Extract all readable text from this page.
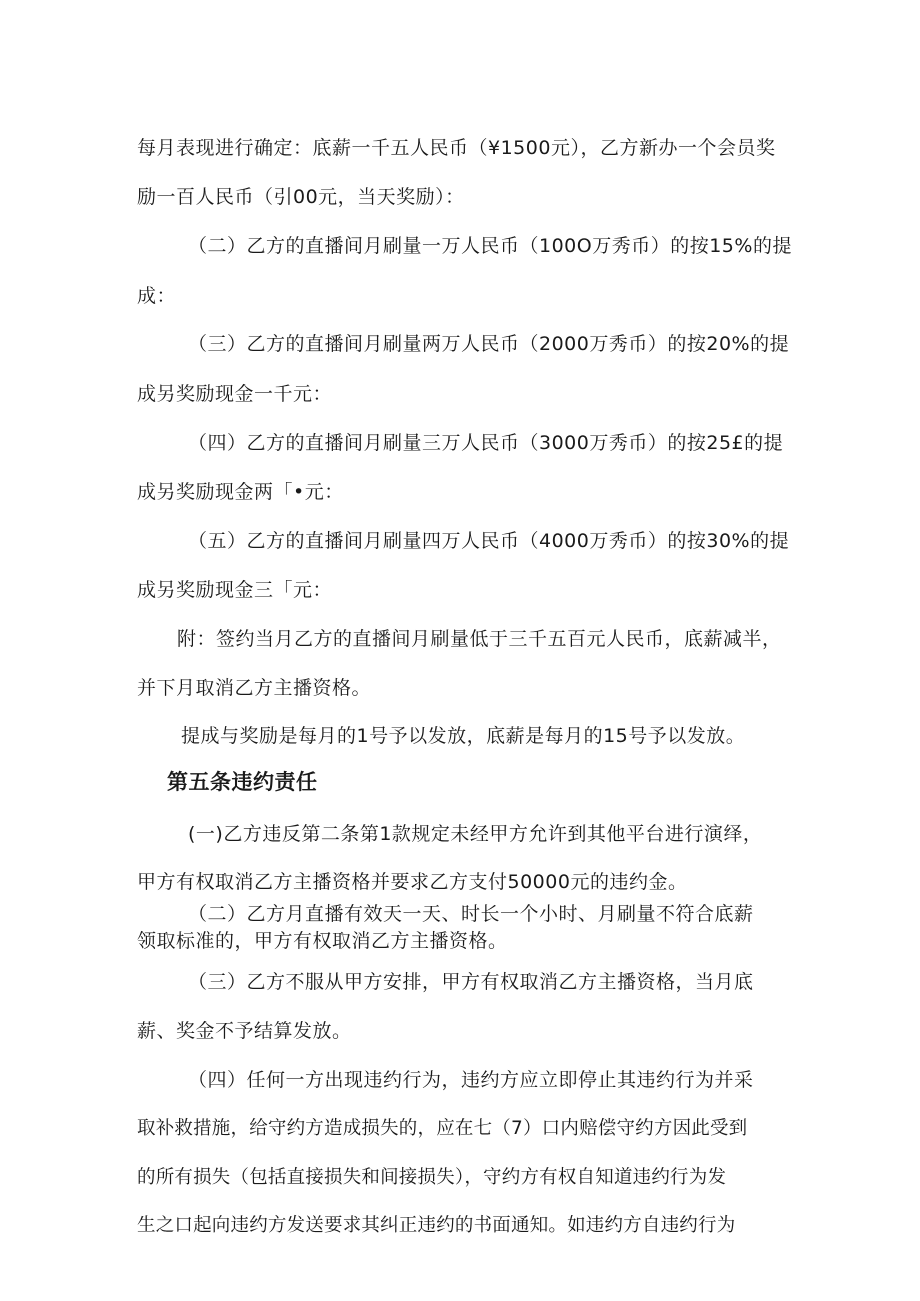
每月表现进行确定：底薪一千五人民币（¥1500元），乙方新办一个会员奖
励一百人民币（引00元，当天奖励）：
（二）乙方的直播间月刷量一万人民币（100O万秀币）的按15%的提
成：
（三）乙方的直播间月刷量两万人民币（2000万秀币）的按20%的提
成另奖励现金一千元：
（四）乙方的直播间月刷量三万人民币（3000万秀币）的按25£的提
成另奖励现金两「•元：
（五）乙方的直播间月刷量四万人民币（4000万秀币）的按30%的提
成另奖励现金三「元：
附：签约当月乙方的直播间月刷量低于三千五百元人民币，底薪减半，
并下月取消乙方主播资格。
提成与奖励是每月的1号予以发放，底薪是每月的15号予以发放。
第五条违约责任
(一)乙方违反第二条第1款规定未经甲方允许到其他平台进行演绎，
甲方有权取消乙方主播资格并要求乙方支付50000元的违约金。
（二）乙方月直播有效天一天、时长一个小时、月刷量不符合底薪
领取标准的，甲方有权取消乙方主播资格。
（三）乙方不服从甲方安排，甲方有权取消乙方主播资格，当月底
薪、奖金不予结算发放。
（四）任何一方出现违约行为，违约方应立即停止其违约行为并采
取补救措施，给守约方造成损失的，应在七（7）口内赔偿守约方因此受到
的所有损失（包括直接损失和间接损失），守约方有权自知道违约行为发
生之口起向违约方发送要求其纠正违约的书面通知。如违约方自违约行为
